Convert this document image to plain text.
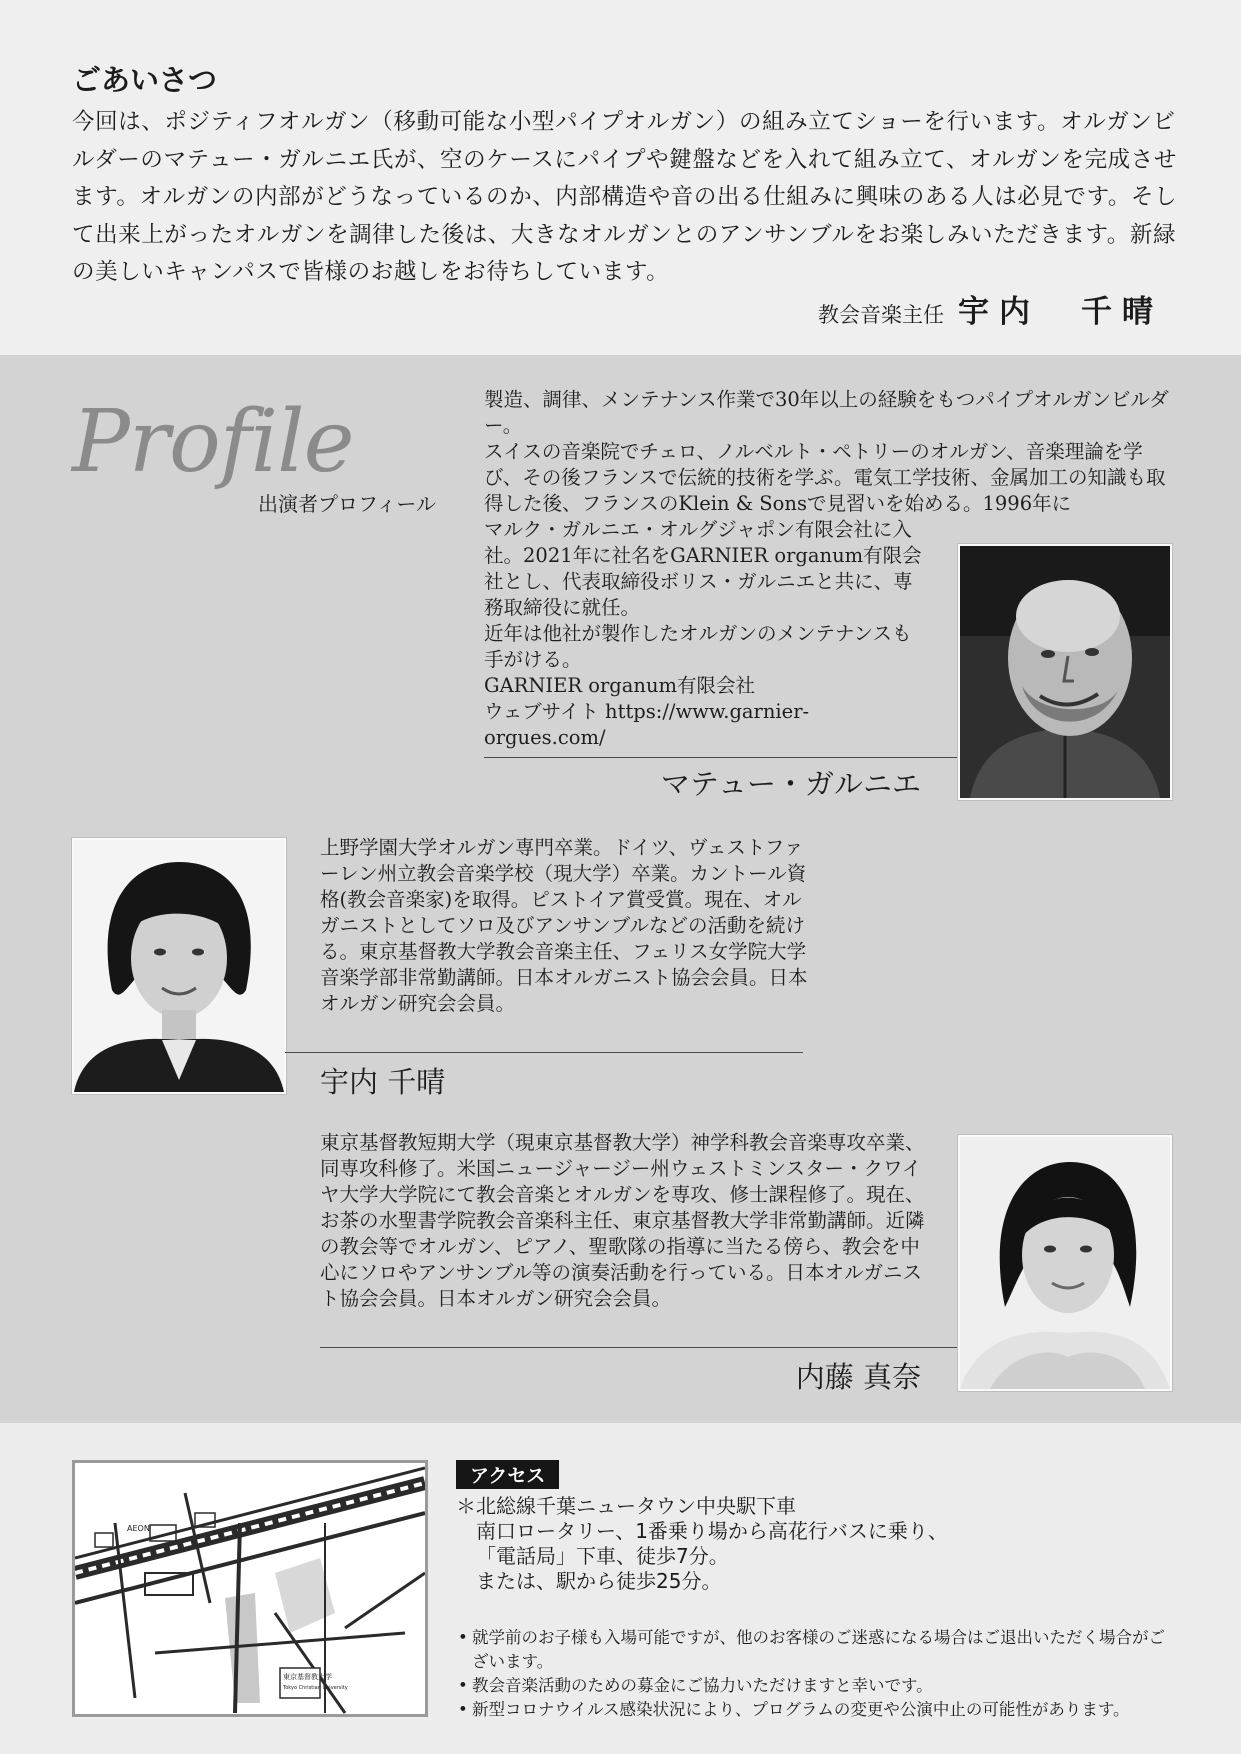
ごあいさつ
今回は、ポジティフオルガン（移動可能な小型パイプオルガン）の組み立てショーを行います。オルガンビルダーのマテュー・ガルニエ氏が、空のケースにパイプや鍵盤などを入れて組み立て、オルガンを完成させます。オルガンの内部がどうなっているのか、内部構造や音の出る仕組みに興味のある人は必見です。そして出来上がったオルガンを調律した後は、大きなオルガンとのアンサンブルをお楽しみいただきます。新緑の美しいキャンパスで皆様のお越しをお待ちしています。
教会音楽主任 宇内　千晴
Profile
出演者プロフィール

製造、調律、メンテナンス作業で30年以上の経験をもつパイプオルガンビルダー。

スイスの音楽院でチェロ、ノルベルト・ペトリーのオルガン、音楽理論を学び、その後フランスで伝統的技術を学ぶ。電気工学技術、金属加工の知識も取得した後、フランスのKlein & Sonsで見習いを始める。1996年に

マルク・ガルニエ・オルグジャポン有限会社に入社。2021年に社名をGARNIER organum有限会社とし、代表取締役ボリス・ガルニエと共に、専務取締役に就任。

近年は他社が製作したオルガンのメンテナンスも手がける。

GARNIER organum有限会社

ウェブサイト https://www.garnier-orgues.com/

マテュー・ガルニエ
上野学園大学オルガン専門卒業。ドイツ、ヴェストファーレン州立教会音楽学校（現大学）卒業。カントール資格(教会音楽家)を取得。ピストイア賞受賞。現在、オルガニストとしてソロ及びアンサンブルなどの活動を続ける。東京基督教大学教会音楽主任、フェリス女学院大学音楽学部非常勤講師。日本オルガニスト協会会員。日本オルガン研究会会員。
宇内 千晴
東京基督教短期大学（現東京基督教大学）神学科教会音楽専攻卒業、同専攻科修了。米国ニュージャージー州ウェストミンスター・クワイヤ大学大学院にて教会音楽とオルガンを専攻、修士課程修了。現在、お茶の水聖書学院教会音楽科主任、東京基督教大学非常勤講師。近隣の教会等でオルガン、ピアノ、聖歌隊の指導に当たる傍ら、教会を中心にソロやアンサンブル等の演奏活動を行っている。日本オルガニスト協会会員。日本オルガン研究会会員。
内藤 真奈
AEON
東京基督教大学
Tokyo Christian University
アクセス
＊北総線千葉ニュータウン中央駅下車
南口ロータリー、1番乗り場から高花行バスに乗り、
「電話局」下車、徒歩7分。
または、駅から徒歩25分。
• 就学前のお子様も入場可能ですが、他のお客様のご迷惑になる場合はご退出いただく場合がございます。
• 教会音楽活動のための募金にご協力いただけますと幸いです。
• 新型コロナウイルス感染状況により、プログラムの変更や公演中止の可能性があります。
